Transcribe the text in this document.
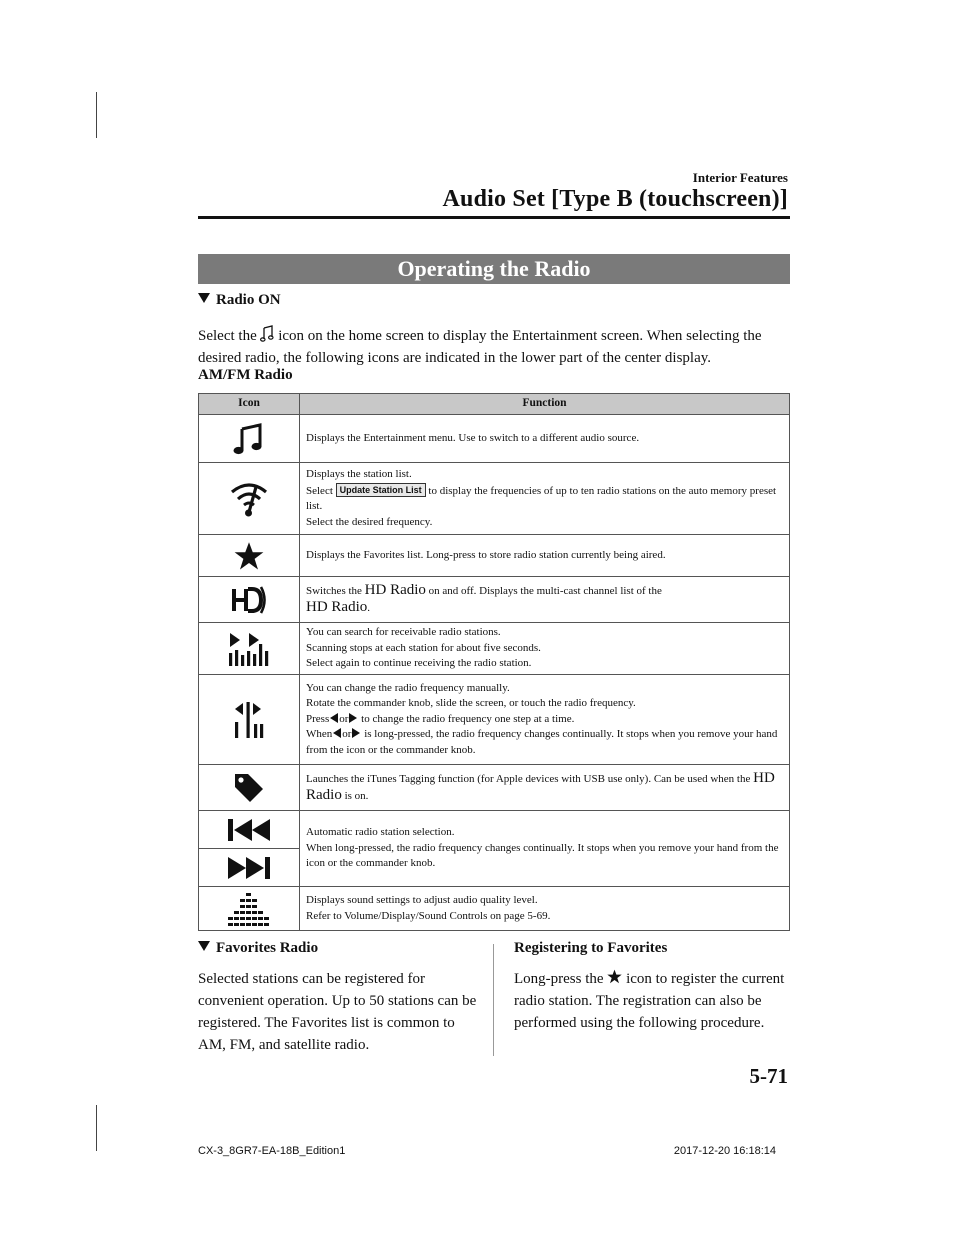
Interior Features
Audio Set [Type B (touchscreen)]
Operating the Radio
Radio ON
Select the icon on the home screen to display the Entertainment screen. When selecting the desired radio, the following icons are indicated in the lower part of the center display.
AM/FM Radio
Icon	Function

	Displays the Entertainment menu. Use to switch to a different audio source.

Displays the station list.
Select Update Station List to display the frequencies of up to ten radio stations on the auto memory preset list.
Select the desired frequency.

	Displays the Favorites list. Long-press to store radio station currently being aired.

	Switches the HD Radio on and off. Displays the multi-cast channel list of the
HD Radio.

You can search for receivable radio stations.
Scanning stops at each station for about five seconds.
Select again to continue receiving the radio station.

You can change the radio frequency manually.
Rotate the commander knob, slide the screen, or touch the radio frequency.
Press or to change the radio frequency one step at a time.
When or is long-pressed, the radio frequency changes continually. It stops when you remove your hand from the icon or the commander knob.

	Launches the iTunes Tagging function (for Apple devices with USB use only). Can be used when the HD Radio is on.

Automatic radio station selection.
When long-pressed, the radio frequency changes continually. It stops when you remove your hand from the icon or the commander knob.

Displays sound settings to adjust audio quality level.
Refer to Volume/Display/Sound Controls on page 5-69.
Favorites Radio
Selected stations can be registered for convenient operation. Up to 50 stations can be registered. The Favorites list is common to AM, FM, and satellite radio.
Registering to Favorites
Long-press the icon to register the current radio station. The registration can also be performed using the following procedure.
5-71
CX-3_8GR7-EA-18B_Edition1	2017-12-20 16:18:14
